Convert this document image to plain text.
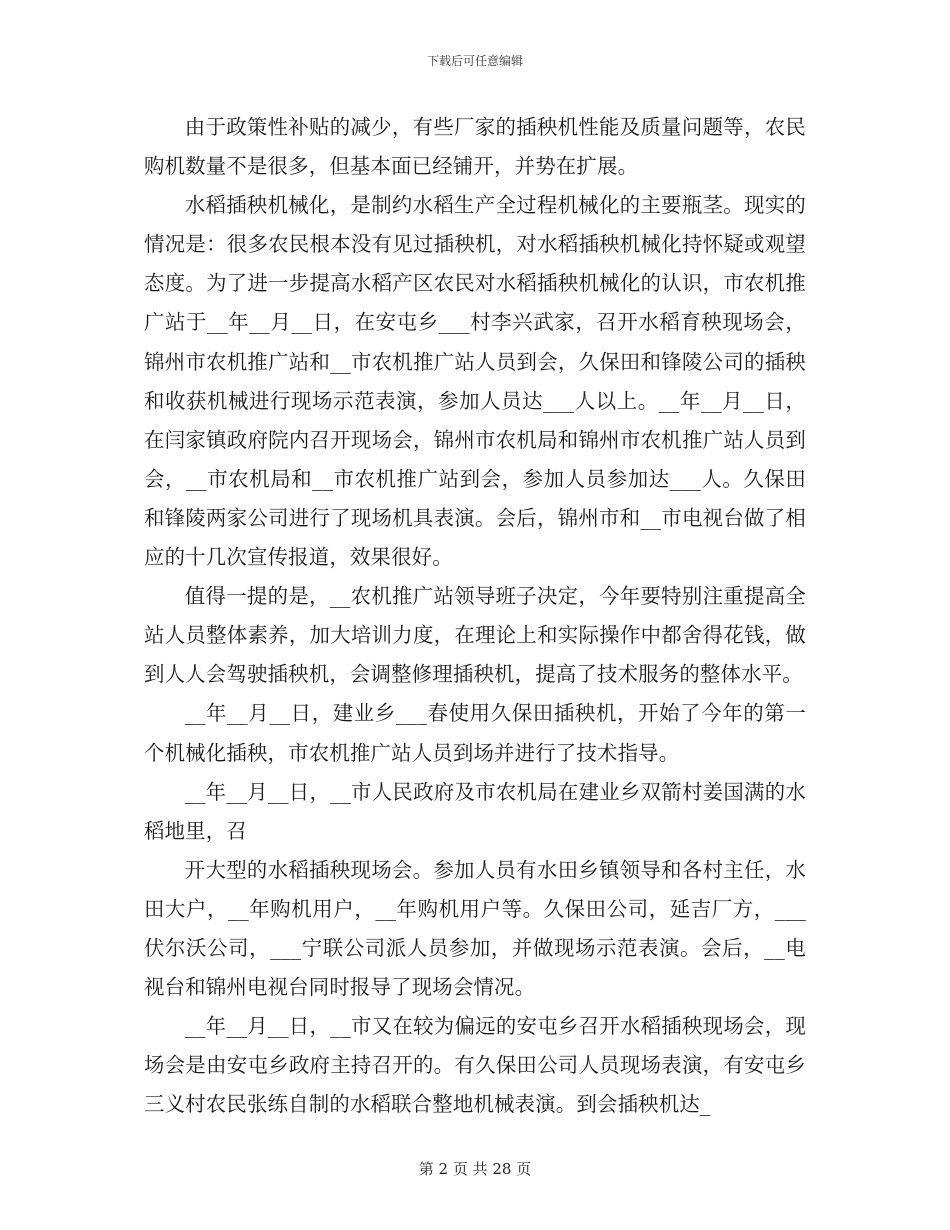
下载后可任意编辑

由于政策性补贴的减少，有些厂家的插秧机性能及质量问题等，农民购机数量不是很多，但基本面已经铺开，并势在扩展。

水稻插秧机械化，是制约水稻生产全过程机械化的主要瓶茎。现实的情况是：很多农民根本没有见过插秧机，对水稻插秧机械化持怀疑或观望态度。为了进一步提高水稻产区农民对水稻插秧机械化的认识，市农机推广站于__年__月__日，在安屯乡___村李兴武家，召开水稻育秧现场会，锦州市农机推广站和__市农机推广站人员到会，久保田和锋陵公司的插秧和收获机械进行现场示范表演，参加人员达___人以上。__年__月__日，在闫家镇政府院内召开现场会，锦州市农机局和锦州市农机推广站人员到会，__市农机局和__市农机推广站到会，参加人员参加达___人。久保田和锋陵两家公司进行了现场机具表演。会后，锦州市和__市电视台做了相应的十几次宣传报道，效果很好。

值得一提的是，__农机推广站领导班子决定，今年要特别注重提高全站人员整体素养，加大培训力度，在理论上和实际操作中都舍得花钱，做到人人会驾驶插秧机，会调整修理插秧机，提高了技术服务的整体水平。

__年__月__日，建业乡___春使用久保田插秧机，开始了今年的第一个机械化插秧，市农机推广站人员到场并进行了技术指导。

__年__月__日，__市人民政府及市农机局在建业乡双箭村姜国满的水稻地里，召

开大型的水稻插秧现场会。参加人员有水田乡镇领导和各村主任，水田大户，__年购机用户，__年购机用户等。久保田公司，延吉厂方，___伏尔沃公司，___宁联公司派人员参加，并做现场示范表演。会后，__电视台和锦州电视台同时报导了现场会情况。

__年__月__日，__市又在较为偏远的安屯乡召开水稻插秧现场会，现场会是由安屯乡政府主持召开的。有久保田公司人员现场表演，有安屯乡三义村农民张练自制的水稻联合整地机械表演。到会插秧机达_

第 2 页 共 28 页
